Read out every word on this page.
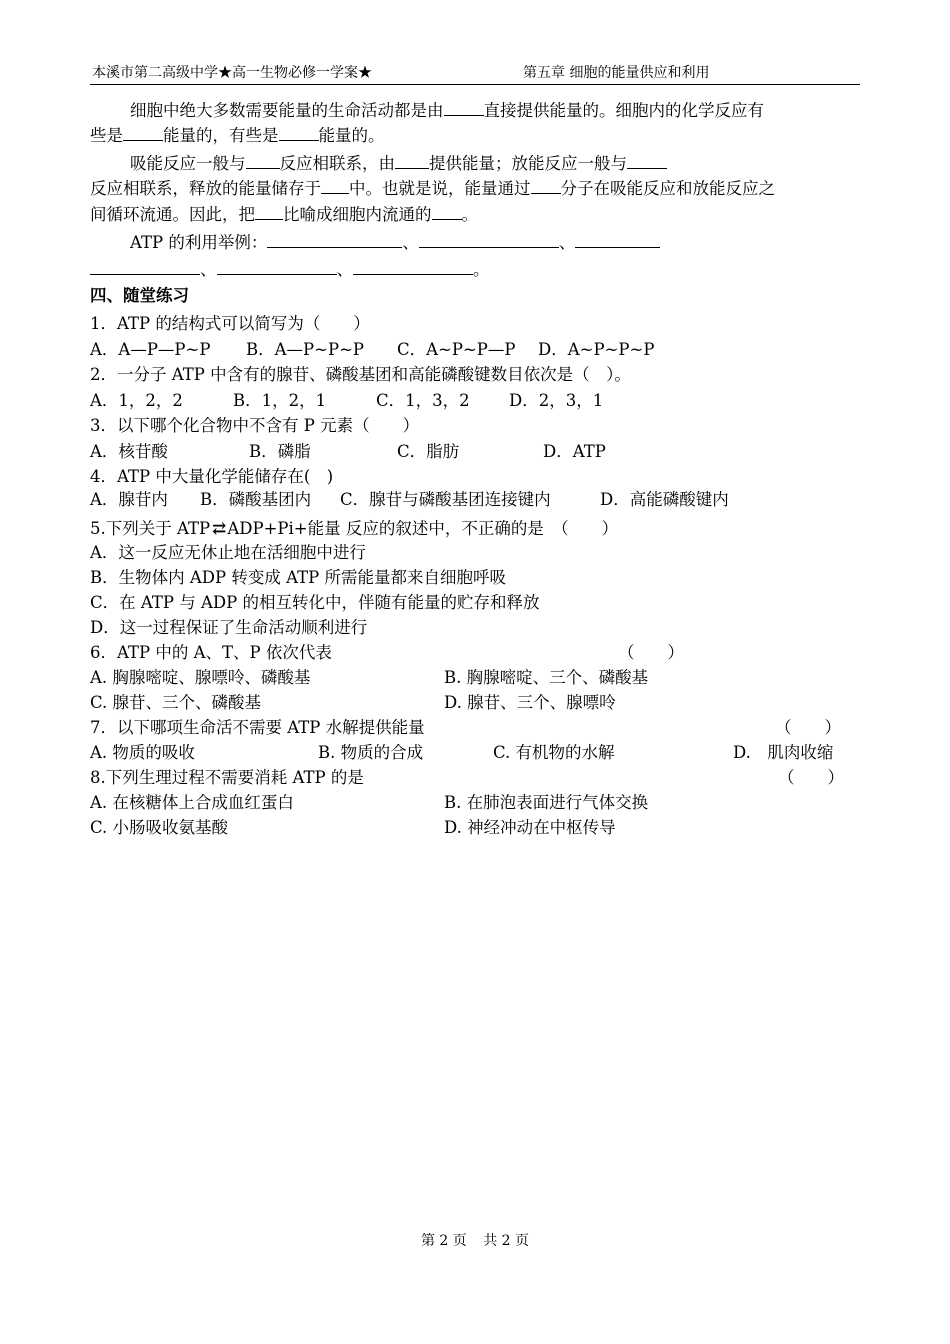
本溪市第二高级中学★高一生物必修一学案★	第五章 细胞的能量供应和利用
细胞中绝大多数需要能量的生命活动都是由 直接提供能量的。细胞内的化学反应有
些是 能量的，有些是 能量的。
吸能反应一般与 反应相联系，由 提供能量；放能反应一般与
反应相联系，释放的能量储存于 中。也就是说，能量通过 分子在吸能反应和放能反应之
间循环流通。因此，把 比喻成细胞内流通的 。
ATP 的利用举例：	、	、
、	、	。
四、随堂练习
1．ATP 的结构式可以简写为（　　）
A．A—P—P~P B．A—P~P~P C．A~P~P—P D．A~P~P~P
2．一分子 ATP 中含有的腺苷、磷酸基团和高能磷酸键数目依次是（　）。
A．1，2，2	B．1，2，1	C．1，3，2 D．2，3，1
3．以下哪个化合物中不含有 P 元素（　　）
A．核苷酸	B．磷脂	C．脂肪	D．ATP
4．ATP 中大量化学能储存在(　)
A．腺苷内 B．磷酸基团内 C．腺苷与磷酸基团连接键内	D．高能磷酸键内
5.下列关于 ATP ⇄ ADP+Pi+能量 反应的叙述中，不正确的是　（　　）
A．这一反应无休止地在活细胞中进行
B．生物体内 ADP 转变成 ATP 所需能量都来自细胞呼吸
C．在 ATP 与 ADP 的相互转化中，伴随有能量的贮存和释放
D．这一过程保证了生命活动顺利进行
6．ATP 中的 A、T、P 依次代表	（　　）
A. 胸腺嘧啶、腺嘌呤、磷酸基	B. 胸腺嘧啶、三个、磷酸基
C. 腺苷、三个、磷酸基	D. 腺苷、三个、腺嘌呤
7．以下哪项生命活不需要 ATP 水解提供能量	（　　）
A. 物质的吸收	B. 物质的合成	C. 有机物的水解	D.　肌肉收缩
8.下列生理过程不需要消耗 ATP 的是	（　　）
A. 在核糖体上合成血红蛋白	B. 在肺泡表面进行气体交换
C. 小肠吸收氨基酸	D. 神经冲动在中枢传导
第 2 页 共 2 页
